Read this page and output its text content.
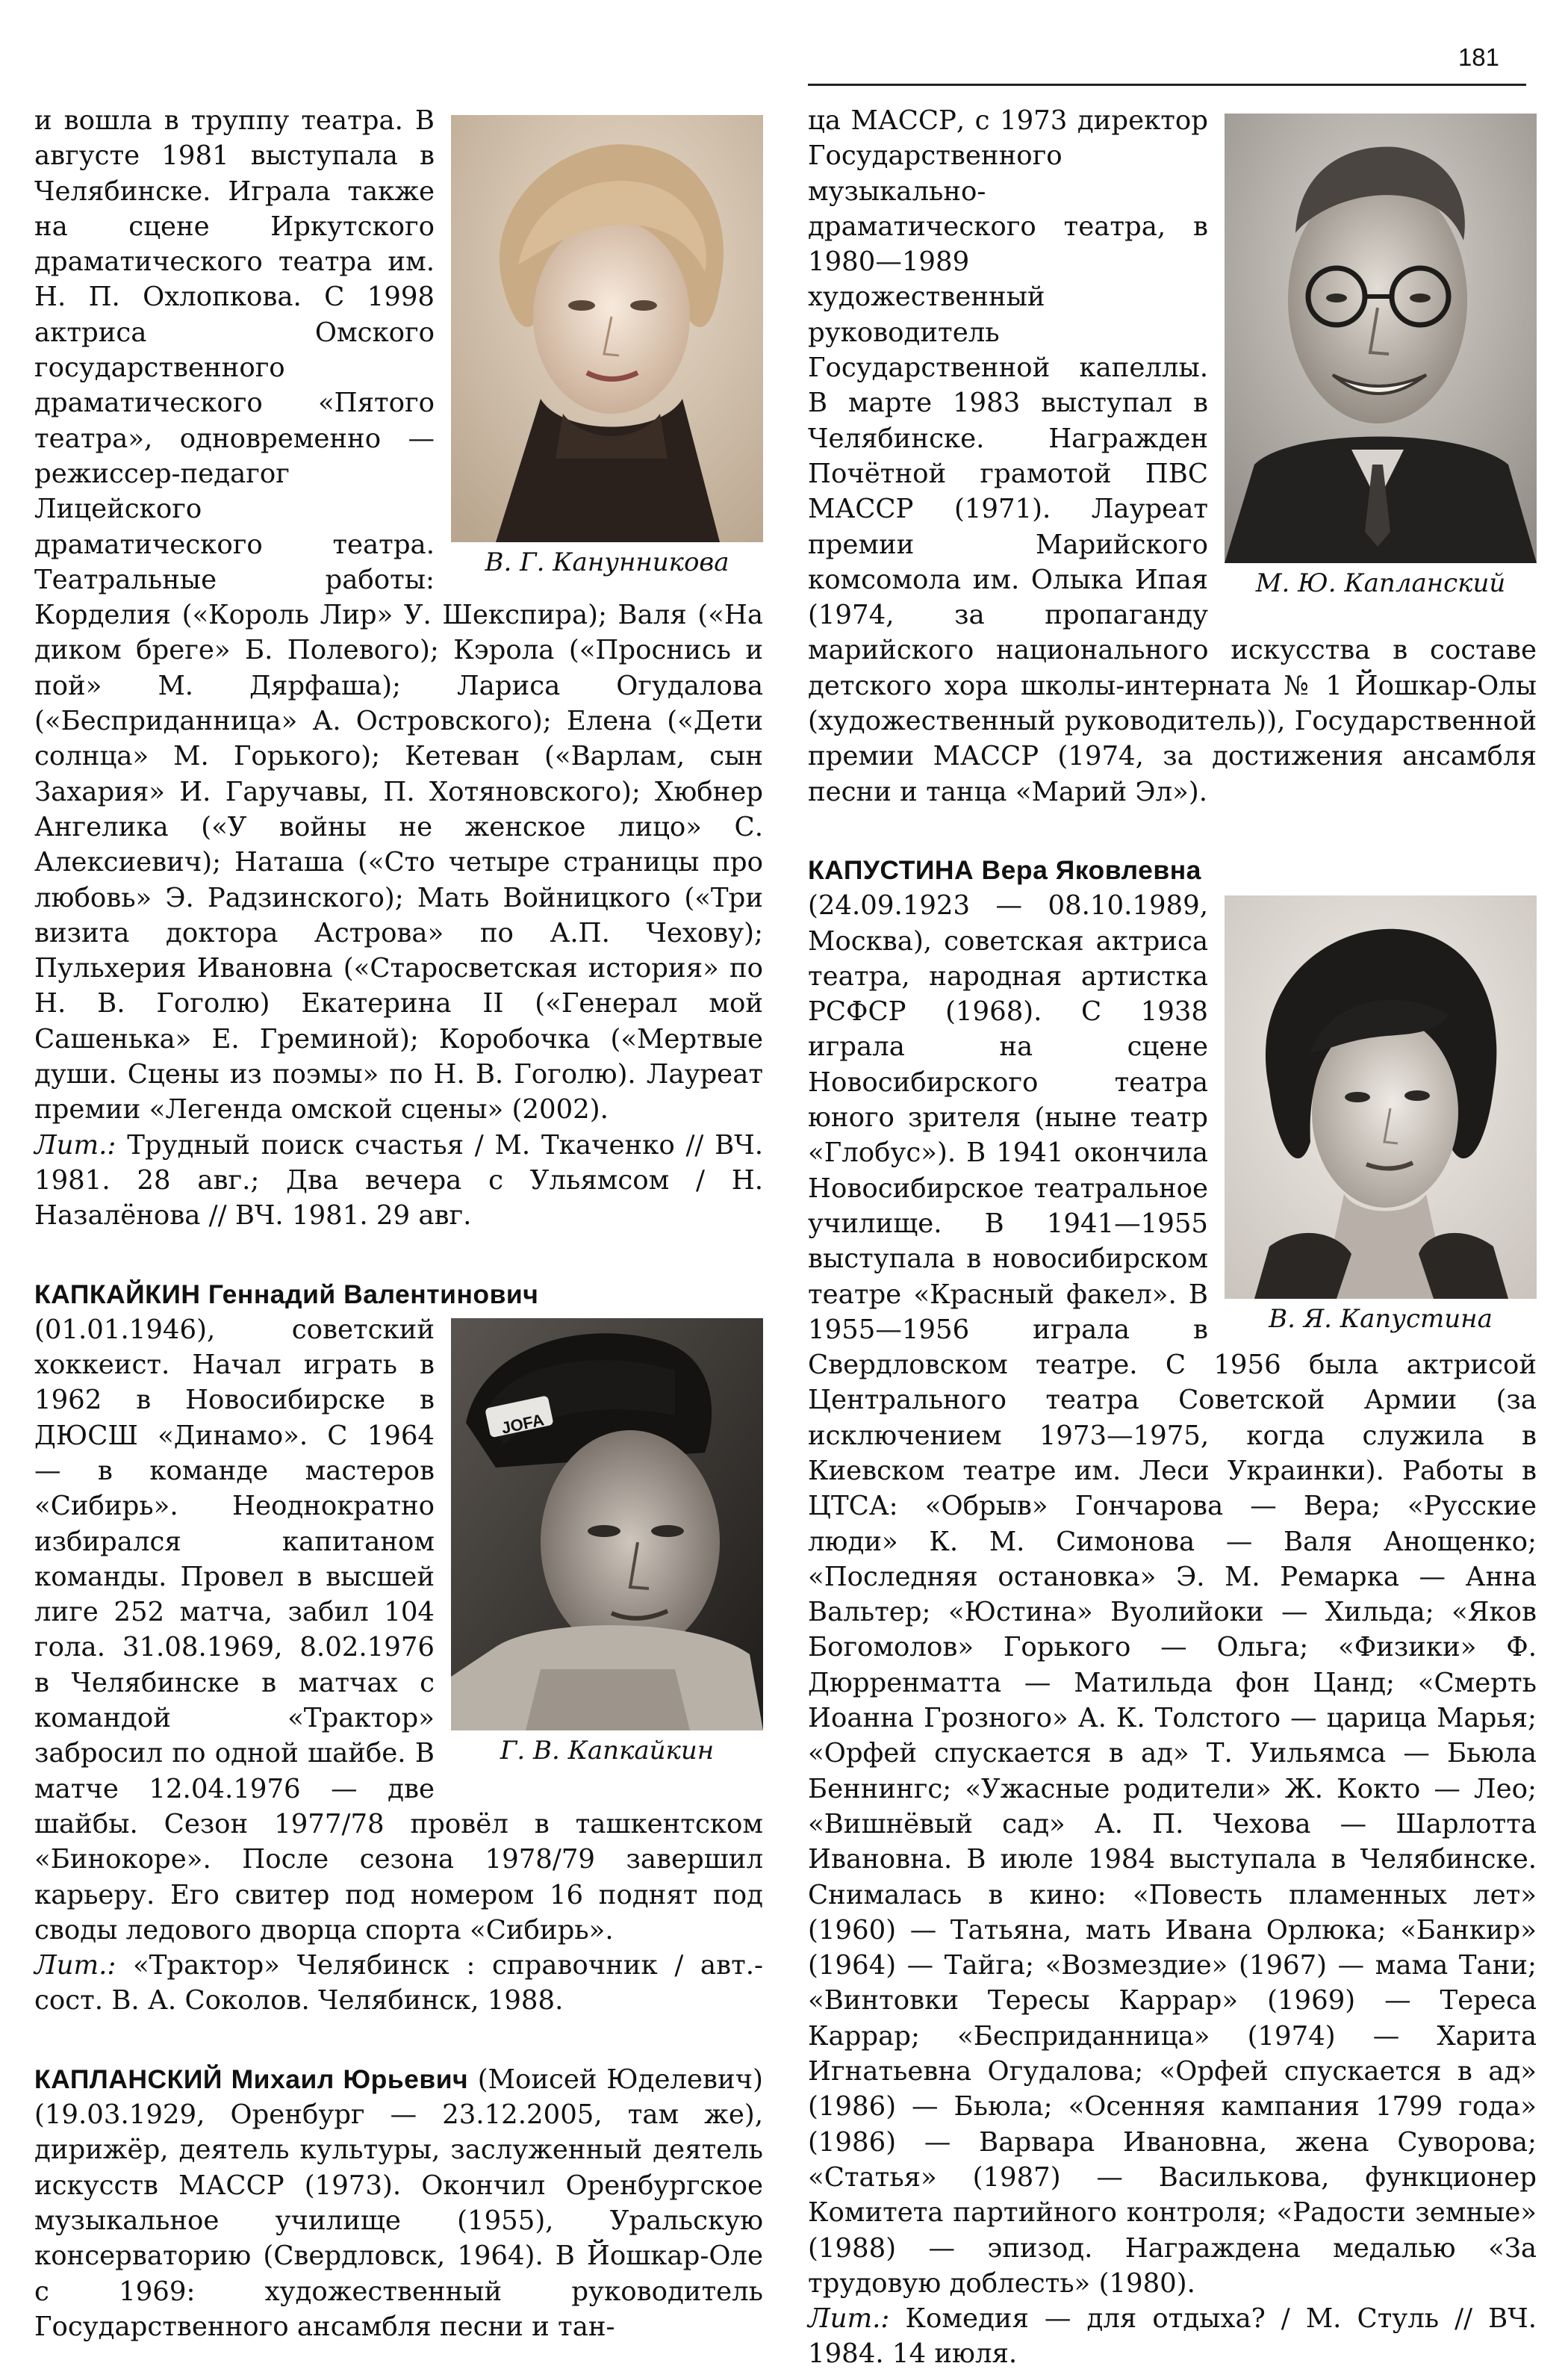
181
В. Г. Канунникова

и вошла в труппу театра. В августе 1981 выступала в Челябинске. Играла также на сцене Иркутского драматического театра им. Н. П. Охлопкова. С 1998 актриса Омского государственного драматического «Пятого театра», одновременно — режиссер-педагог Лицейского драматического театра. Театральные работы: Корделия («Король Лир» У. Шекспира); Валя («На диком бреге» Б. Полевого); Кэрола («Проснись и пой» М. Дярфаша); Лариса Огудалова («Бесприданница» А. Островского); Елена («Дети солнца» М. Горького); Кетеван («Варлам, сын Захария» И. Гаручавы, П. Хотяновского); Хюбнер Ангелика («У войны не женское лицо» С. Алексиевич); Наташа («Сто четыре страницы про любовь» Э. Радзинского); Мать Войницкого («Три визита доктора Астрова» по А.П. Чехову); Пульхерия Ивановна («Старосветская история» по Н. В. Гоголю) Екатерина II («Генерал мой Сашенька» Е. Греминой); Коробочка («Мертвые души. Сцены из поэмы» по Н. В. Гоголю). Лауреат премии «Легенда омской сцены» (2002).

Лит.: Трудный поиск счастья / М. Ткаченко // ВЧ. 1981. 28 авг.; Два вечера с Ульямсом / Н. Назалёнова // ВЧ. 1981. 29 авг.

КАПКАЙКИН Геннадий Валентинович

JOFA
Г. В. Капкайкин

(01.01.1946), советский хоккеист. Начал играть в 1962 в Новосибирске в ДЮСШ «Динамо». С 1964 — в команде мастеров «Сибирь». Неоднократно избирался капитаном команды. Провел в высшей лиге 252 матча, забил 104 гола. 31.08.1969, 8.02.1976 в Челябинске в матчах с командой «Трактор» забросил по одной шайбе. В матче 12.04.1976 — две шайбы. Сезон 1977/78 провёл в ташкентском «Бинокоре». После сезона 1978/79 завершил карьеру. Его свитер под номером 16 поднят под своды ледового дворца спорта «Сибирь».

Лит.: «Трактор» Челябинск : справочник / авт.-сост. В. А. Соколов. Челябинск, 1988.

КАПЛАНСКИЙ Михаил Юрьевич (Моисей Юделевич) (19.03.1929, Оренбург — 23.12.2005, там же), дирижёр, деятель культуры, заслуженный деятель искусств МАССР (1973). Окончил Оренбургское музыкальное училище (1955), Уральскую консерваторию (Свердловск, 1964). В Йошкар-Оле с 1969: художественный руководитель Государственного ансамбля песни и тан-

М. Ю. Капланский

ца МАССР, с 1973 директор Государственного музыкально-драматического театра, в 1980—1989 художественный руководитель Государственной капеллы. В марте 1983 выступал в Челябинске. Награжден Почётной грамотой ПВС МАССР (1971). Лауреат премии Марийского комсомола им. Олыка Ипая (1974, за пропаганду марийского национального искусства в составе детского хора школы-интерната № 1 Йошкар-Олы (художественный руководитель)), Государственной премии МАССР (1974, за достижения ансамбля песни и танца «Марий Эл»).

КАПУСТИНА Вера Яковлевна

В. Я. Капустина

(24.09.1923 — 08.10.1989, Москва), советская актриса театра, народная артистка РСФСР (1968). С 1938 играла на сцене Новосибирского театра юного зрителя (ныне театр «Глобус»). В 1941 окончила Новосибирское театральное училище. В 1941—1955 выступала в новосибирском театре «Красный факел». В 1955—1956 играла в Свердловском театре. С 1956 была актрисой Центрального театра Советской Армии (за исключением 1973—1975, когда служила в Киевском театре им. Леси Украинки). Работы в ЦТСА: «Обрыв» Гончарова — Вера; «Русские люди» К. М. Симонова — Валя Анощенко; «Последняя остановка» Э. М. Ремарка — Анна Вальтер; «Юстина» Вуолийоки — Хильда; «Яков Богомолов» Горького — Ольга; «Физики» Ф. Дюрренматта — Матильда фон Цанд; «Смерть Иоанна Грозного» А. К. Толстого — царица Марья; «Орфей спускается в ад» Т. Уильямса — Бьюла Беннингс; «Ужасные родители» Ж. Кокто — Лео; «Вишнёвый сад» А. П. Чехова — Шарлотта Ивановна. В июле 1984 выступала в Челябинске. Снималась в кино: «Повесть пламенных лет» (1960) — Татьяна, мать Ивана Орлюка; «Банкир» (1964) — Тайга; «Возмездие» (1967) — мама Тани; «Винтовки Тересы Каррар» (1969) — Тереса Каррар; «Бесприданница» (1974) — Харита Игнатьевна Огудалова; «Орфей спускается в ад» (1986) — Бьюла; «Осенняя кампания 1799 года» (1986) — Варвара Ивановна, жена Суворова; «Статья» (1987) — Василькова, функционер Комитета партийного контроля; «Радости земные» (1988) — эпизод. Награждена медалью «За трудовую доблесть» (1980).

Лит.: Комедия — для отдыха? / М. Стуль // ВЧ. 1984. 14 июля.
